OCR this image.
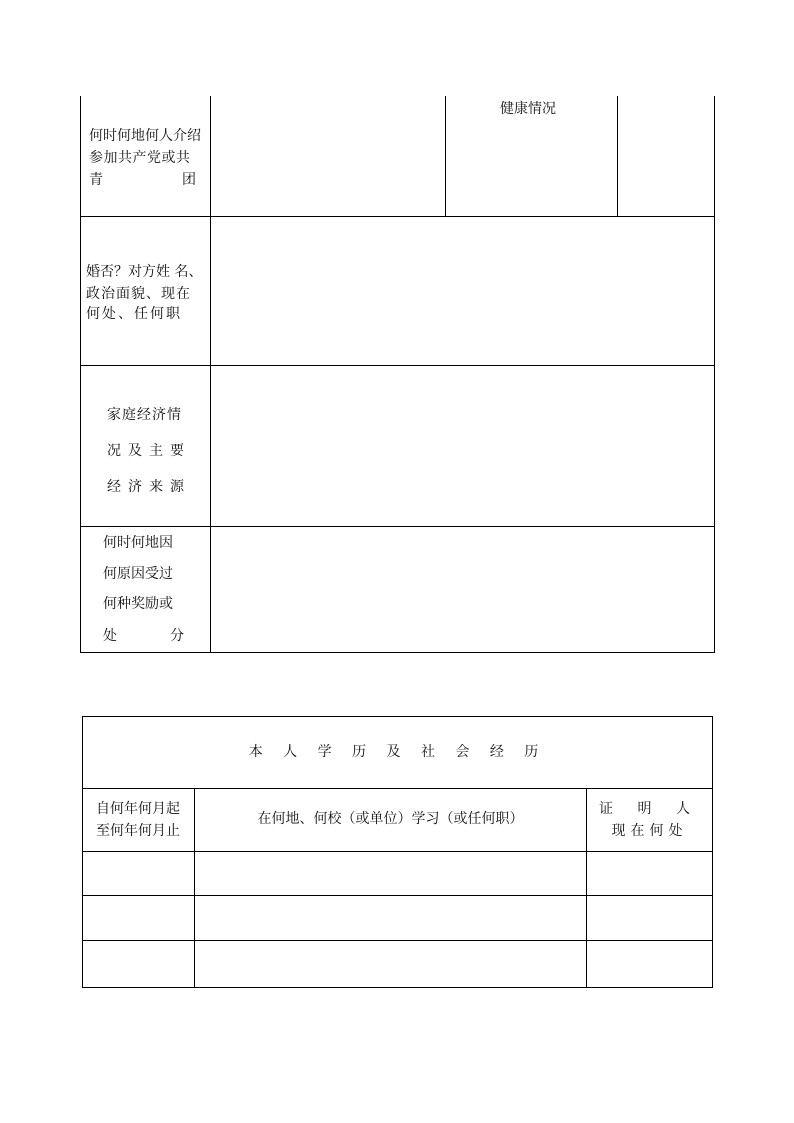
何时何地何人介绍
参加共产党或共
青	团
健康情况
婚否？对方姓 名、
政治面貌、现在
何处、任何职
家庭经济情
况及主要
经济来源
何时何地因
何原因受过
何种奖励或
处	分
本 人 学 历 及 社 会 经 历
自何年何月起
至何年何月止
在何地、何校（或单位）学习（或任何职）
证 明 人
现在何处
